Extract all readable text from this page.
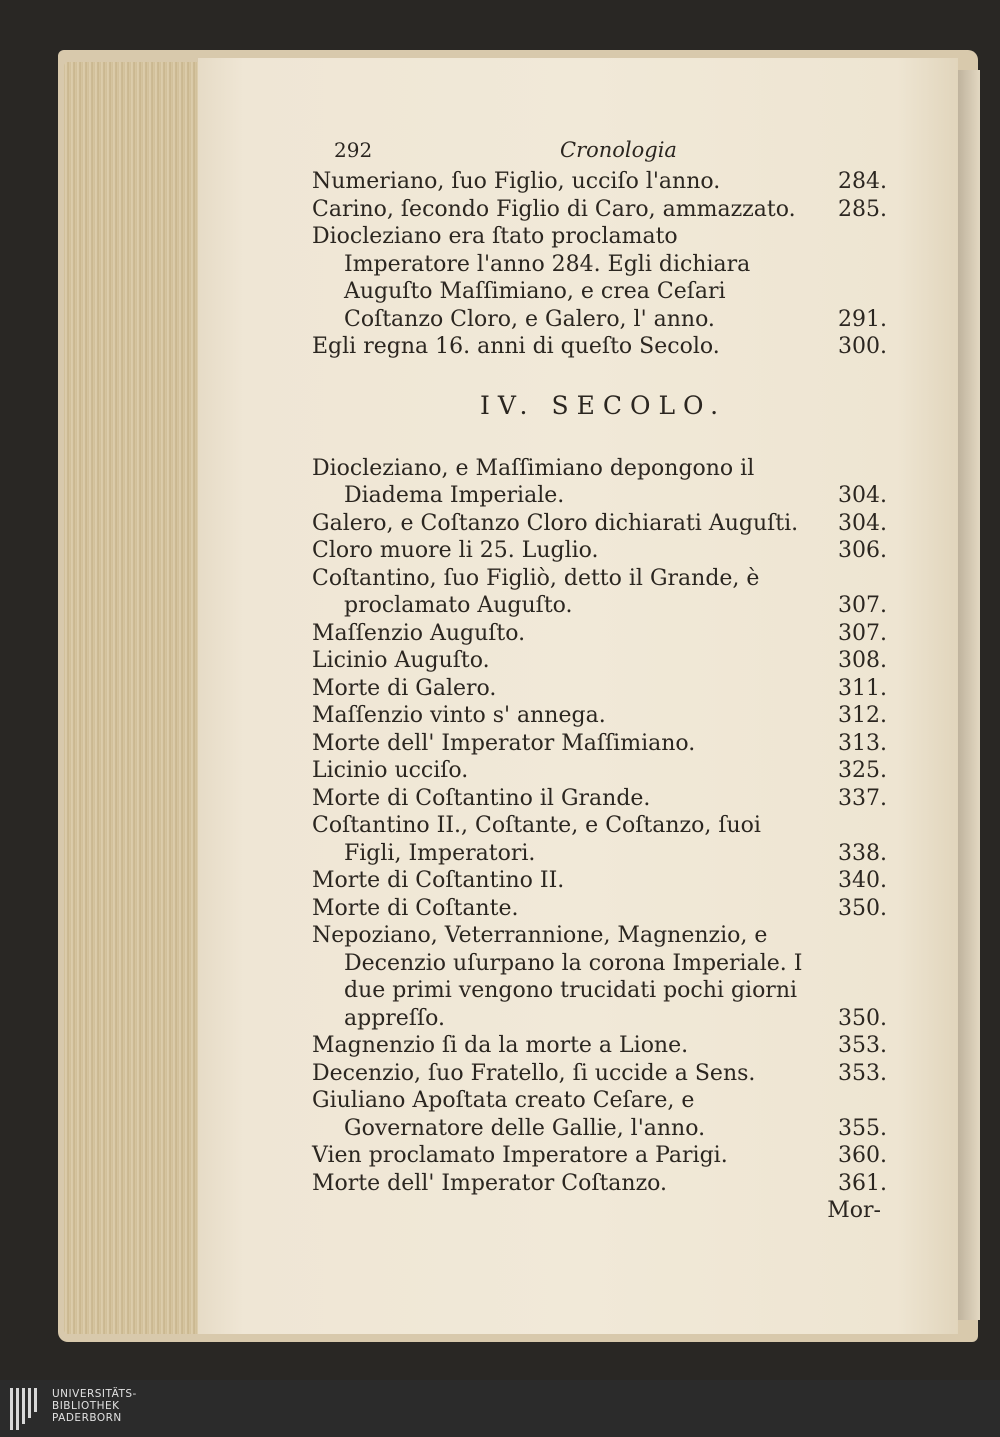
292	Cronologia
Numeriano, ſuo Figlio, ucciſo l'anno.	284.
Carino, ſecondo Figlio di Caro, ammazzato.	285.
Diocleziano era ſtato proclamato Imperatore l'anno 284. Egli dichiara Auguſto Maſſimiano, e crea Ceſari Coſtanzo Cloro, e Galero, l' anno.	291.
Egli regna 16. anni di queſto Secolo.	300.
IV. SECOLO.
Diocleziano, e Maſſimiano depongono il Diadema Imperiale.	304.
Galero, e Coſtanzo Cloro dichiarati Auguſti.	304.
Cloro muore li 25. Luglio.	306.
Coſtantino, ſuo Figliò, detto il Grande, è proclamato Auguſto.	307.
Maſſenzio Auguſto.	307.
Licinio Auguſto.	308.
Morte di Galero.	311.
Maſſenzio vinto s' annega.	312.
Morte dell' Imperator Maſſimiano.	313.
Licinio ucciſo.	325.
Morte di Coſtantino il Grande.	337.
Coſtantino II., Coſtante, e Coſtanzo, ſuoi Figli, Imperatori.	338.
Morte di Coſtantino II.	340.
Morte di Coſtante.	350.
Nepoziano, Veterrannione, Magnenzio, e Decenzio uſurpano la corona Imperiale. I due primi vengono trucidati pochi giorni appreſſo.	350.
Magnenzio ſi da la morte a Lione.	353.
Decenzio, ſuo Fratello, ſi uccide a Sens.	353.
Giuliano Apoſtata creato Ceſare, e Governatore delle Gallie, l'anno.	355.
Vien proclamato Imperatore a Parigi.	360.
Morte dell' Imperator Coſtanzo.	361.
Mor-
UNIVERSITÄTS-
BIBLIOTHEK
PADERBORN
